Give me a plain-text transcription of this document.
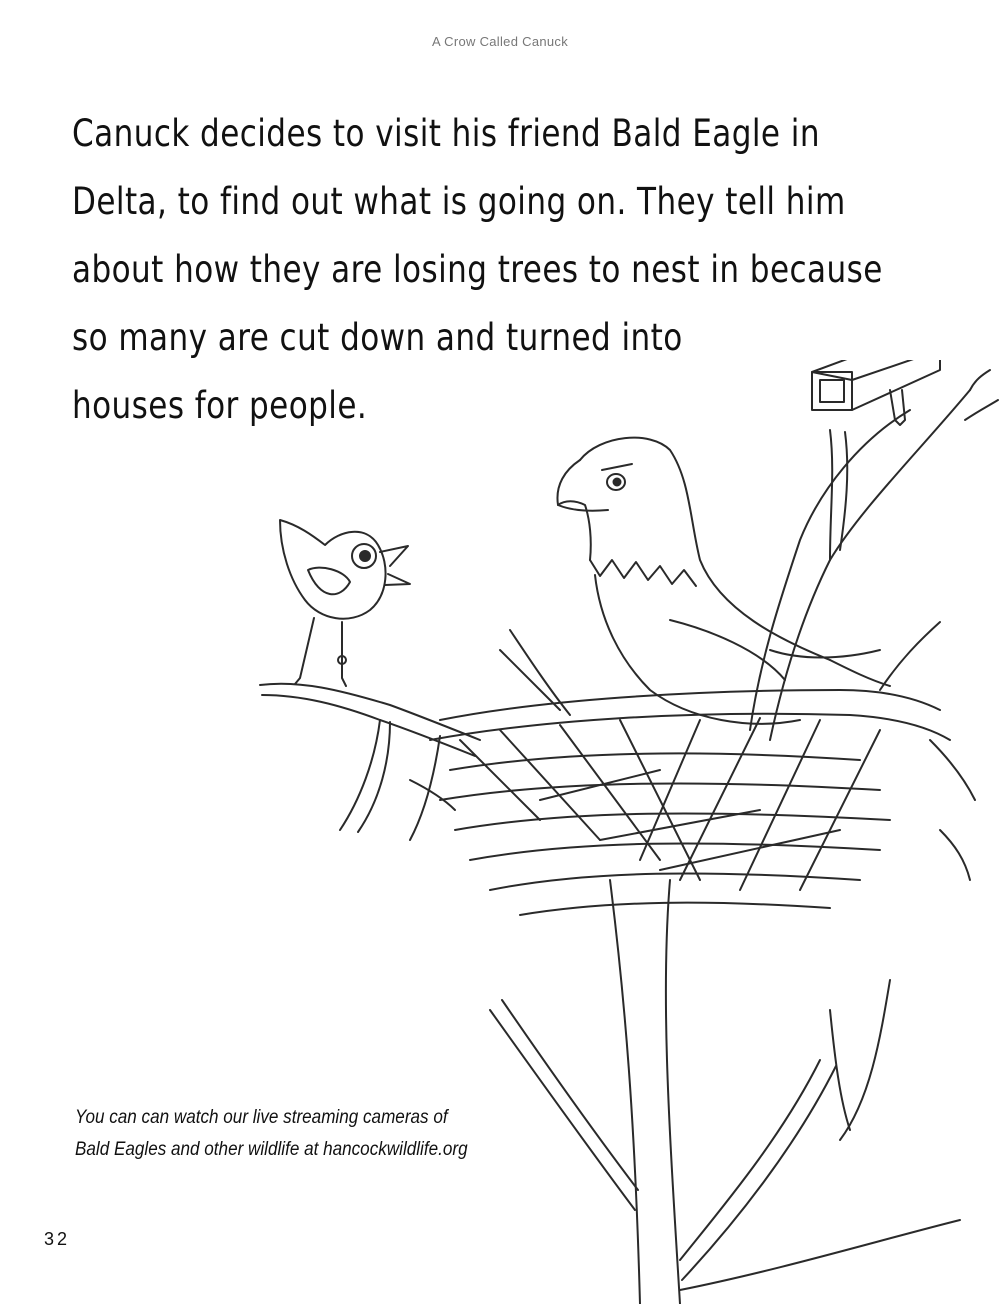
A Crow Called Canuck

Canuck decides to visit his friend Bald Eagle in
Delta, to find out what is going on. They tell him
about how they are losing trees to nest in because
so many are cut down and turned into
houses for people.

You can can watch our live streaming cameras of
Bald Eagles and other wildlife at hancockwildlife.org

32
